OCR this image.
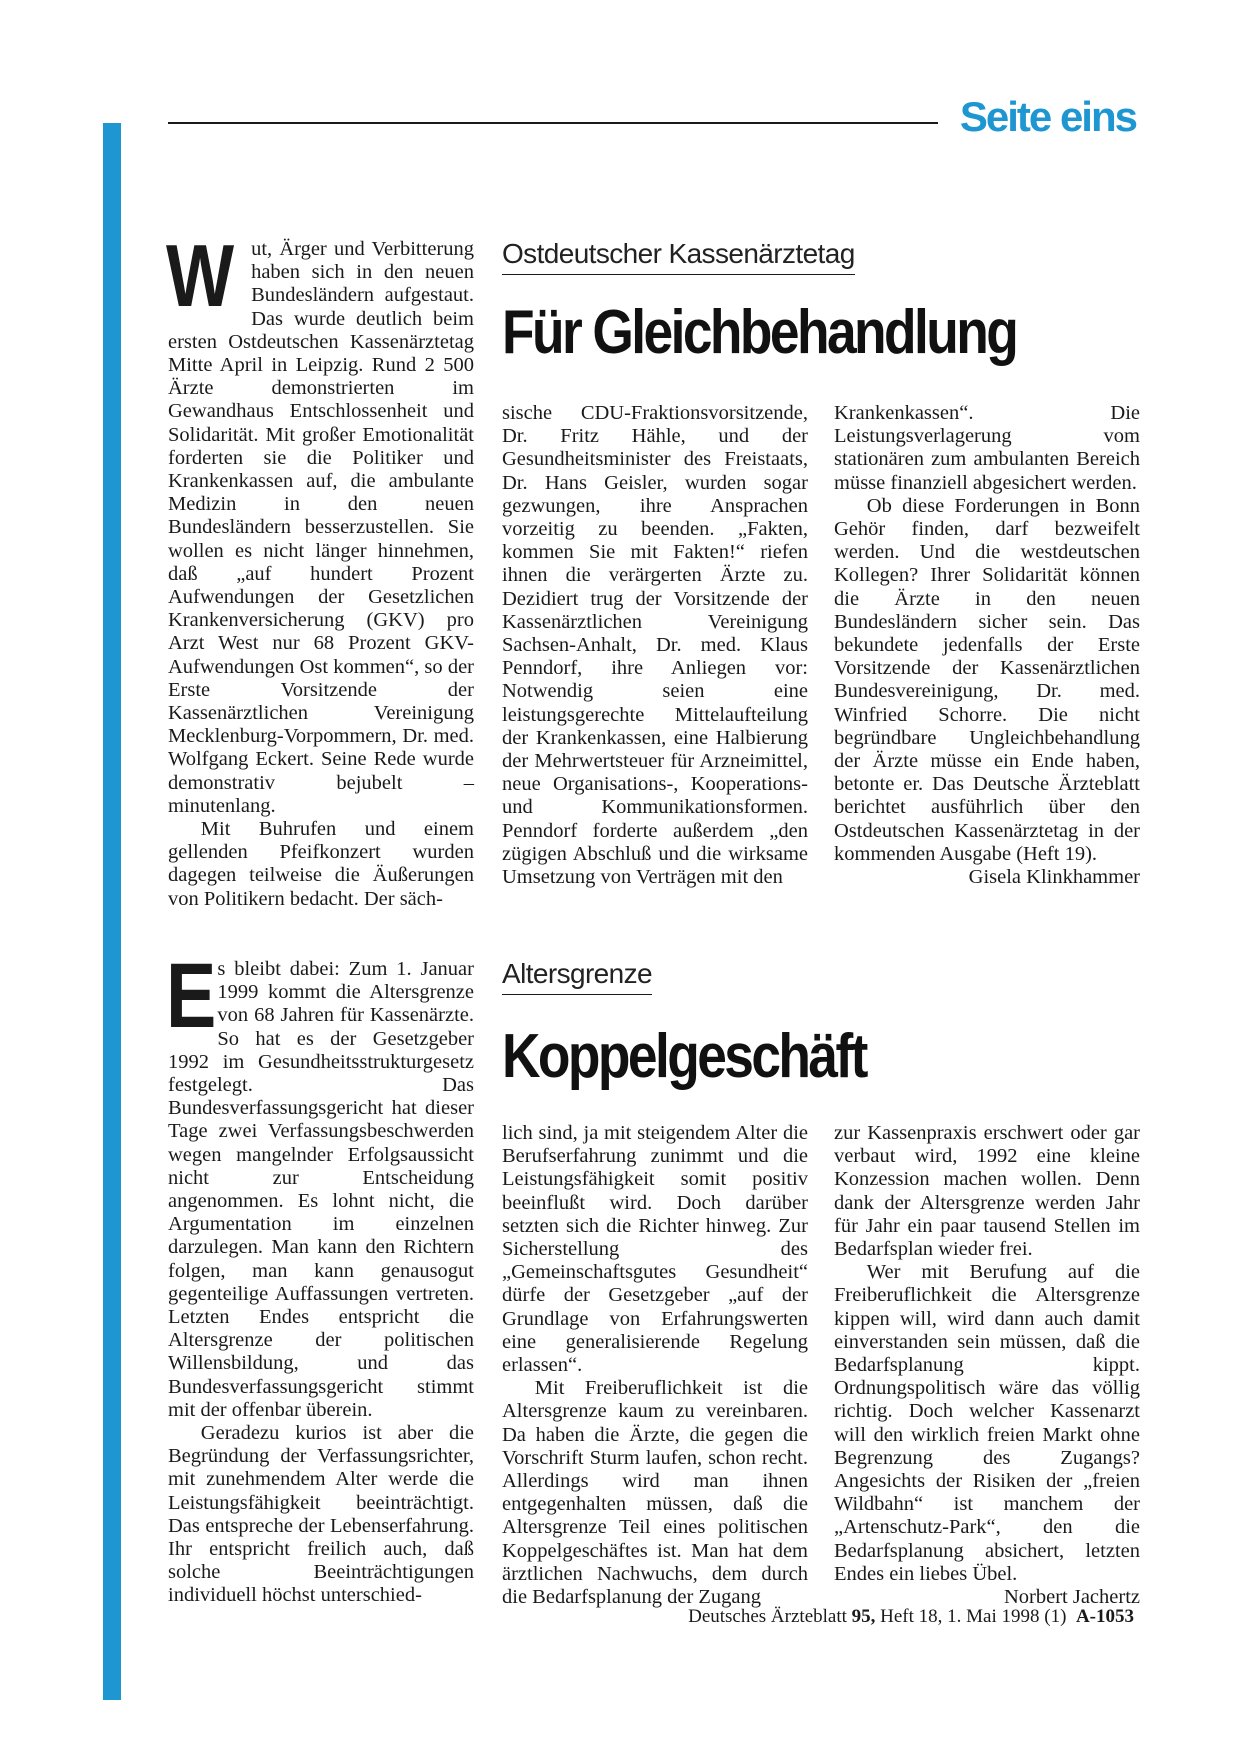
Seite eins

W ut, Ärger und Verbitterung haben sich in den neuen Bundesländern aufgestaut. Das wurde deutlich beim ersten Ostdeutschen Kassenärztetag Mitte April in Leipzig. Rund 2 500 Ärzte demonstrierten im Gewandhaus Entschlossenheit und Solidarität. Mit großer Emotionalität forderten sie die Politiker und Krankenkassen auf, die ambulante Medizin in den neuen Bundesländern besserzustellen. Sie wollen es nicht länger hinnehmen, daß „auf hundert Prozent Aufwendungen der Gesetzlichen Krankenversicherung (GKV) pro Arzt West nur 68 Prozent GKV-Aufwendungen Ost kommen“, so der Erste Vorsitzende der Kassenärztlichen Vereinigung Mecklenburg-Vorpommern, Dr. med. Wolfgang Eckert. Seine Rede wurde demonstrativ bejubelt – minutenlang.

Mit Buhrufen und einem gellenden Pfeifkonzert wurden dagegen teilweise die Äußerungen von Politikern bedacht. Der säch-

Ostdeutscher Kassenärztetag
Für Gleichbehandlung

sische CDU-Fraktionsvorsitzende, Dr. Fritz Hähle, und der Gesundheitsminister des Freistaats, Dr. Hans Geisler, wurden sogar gezwungen, ihre Ansprachen vorzeitig zu beenden. „Fakten, kommen Sie mit Fakten!“ riefen ihnen die verärgerten Ärzte zu. Dezidiert trug der Vorsitzende der Kassenärztlichen Vereinigung Sachsen-Anhalt, Dr. med. Klaus Penndorf, ihre Anliegen vor: Notwendig seien eine leistungsgerechte Mittelaufteilung der Krankenkassen, eine Halbierung der Mehrwertsteuer für Arzneimittel, neue Organisations-, Kooperations- und Kommunikationsformen. Penndorf forderte außerdem „den zügigen Abschluß und die wirksame Umsetzung von Verträgen mit den

Krankenkassen“. Die Leistungsverlagerung vom stationären zum ambulanten Bereich müsse finanziell abgesichert werden.

Ob diese Forderungen in Bonn Gehör finden, darf bezweifelt werden. Und die westdeutschen Kollegen? Ihrer Solidarität können die Ärzte in den neuen Bundesländern sicher sein. Das bekundete jedenfalls der Erste Vorsitzende der Kassenärztlichen Bundesvereinigung, Dr. med. Winfried Schorre. Die nicht begründbare Ungleichbehandlung der Ärzte müsse ein Ende haben, betonte er. Das Deutsche Ärzteblatt berichtet ausführlich über den Ostdeutschen Kassenärztetag in der kommenden Ausgabe (Heft 19).
Gisela Klinkhammer

Es bleibt dabei: Zum 1. Januar 1999 kommt die Altersgrenze von 68 Jahren für Kassenärzte. So hat es der Gesetzgeber 1992 im Gesundheitsstrukturgesetz festgelegt. Das Bundesverfassungsgericht hat dieser Tage zwei Verfassungsbeschwerden wegen mangelnder Erfolgsaussicht nicht zur Entscheidung angenommen. Es lohnt nicht, die Argumentation im einzelnen darzulegen. Man kann den Richtern folgen, man kann genausogut gegenteilige Auffassungen vertreten. Letzten Endes entspricht die Altersgrenze der politischen Willensbildung, und das Bundesverfassungsgericht stimmt mit der offenbar überein.

Geradezu kurios ist aber die Begründung der Verfassungsrichter, mit zunehmendem Alter werde die Leistungsfähigkeit beeinträchtigt. Das entspreche der Lebenserfahrung. Ihr entspricht freilich auch, daß solche Beeinträchtigungen individuell höchst unterschied-

Altersgrenze
Koppelgeschäft

lich sind, ja mit steigendem Alter die Berufserfahrung zunimmt und die Leistungsfähigkeit somit positiv beeinflußt wird. Doch darüber setzten sich die Richter hinweg. Zur Sicherstellung des „Gemeinschaftsgutes Gesundheit“ dürfe der Gesetzgeber „auf der Grundlage von Erfahrungswerten eine generalisierende Regelung erlassen“.

Mit Freiberuflichkeit ist die Altersgrenze kaum zu vereinbaren. Da haben die Ärzte, die gegen die Vorschrift Sturm laufen, schon recht. Allerdings wird man ihnen entgegenhalten müssen, daß die Altersgrenze Teil eines politischen Koppelgeschäftes ist. Man hat dem ärztlichen Nachwuchs, dem durch die Bedarfsplanung der Zugang

zur Kassenpraxis erschwert oder gar verbaut wird, 1992 eine kleine Konzession machen wollen. Denn dank der Altersgrenze werden Jahr für Jahr ein paar tausend Stellen im Bedarfsplan wieder frei.

Wer mit Berufung auf die Freiberuflichkeit die Altersgrenze kippen will, wird dann auch damit einverstanden sein müssen, daß die Bedarfsplanung kippt. Ordnungspolitisch wäre das völlig richtig. Doch welcher Kassenarzt will den wirklich freien Markt ohne Begrenzung des Zugangs? Angesichts der Risiken der „freien Wildbahn“ ist manchem der „Artenschutz-Park“, den die Bedarfsplanung absichert, letzten Endes ein liebes Übel.
Norbert Jachertz

Deutsches Ärzteblatt 95, Heft 18, 1. Mai 1998 (1) A-1053
